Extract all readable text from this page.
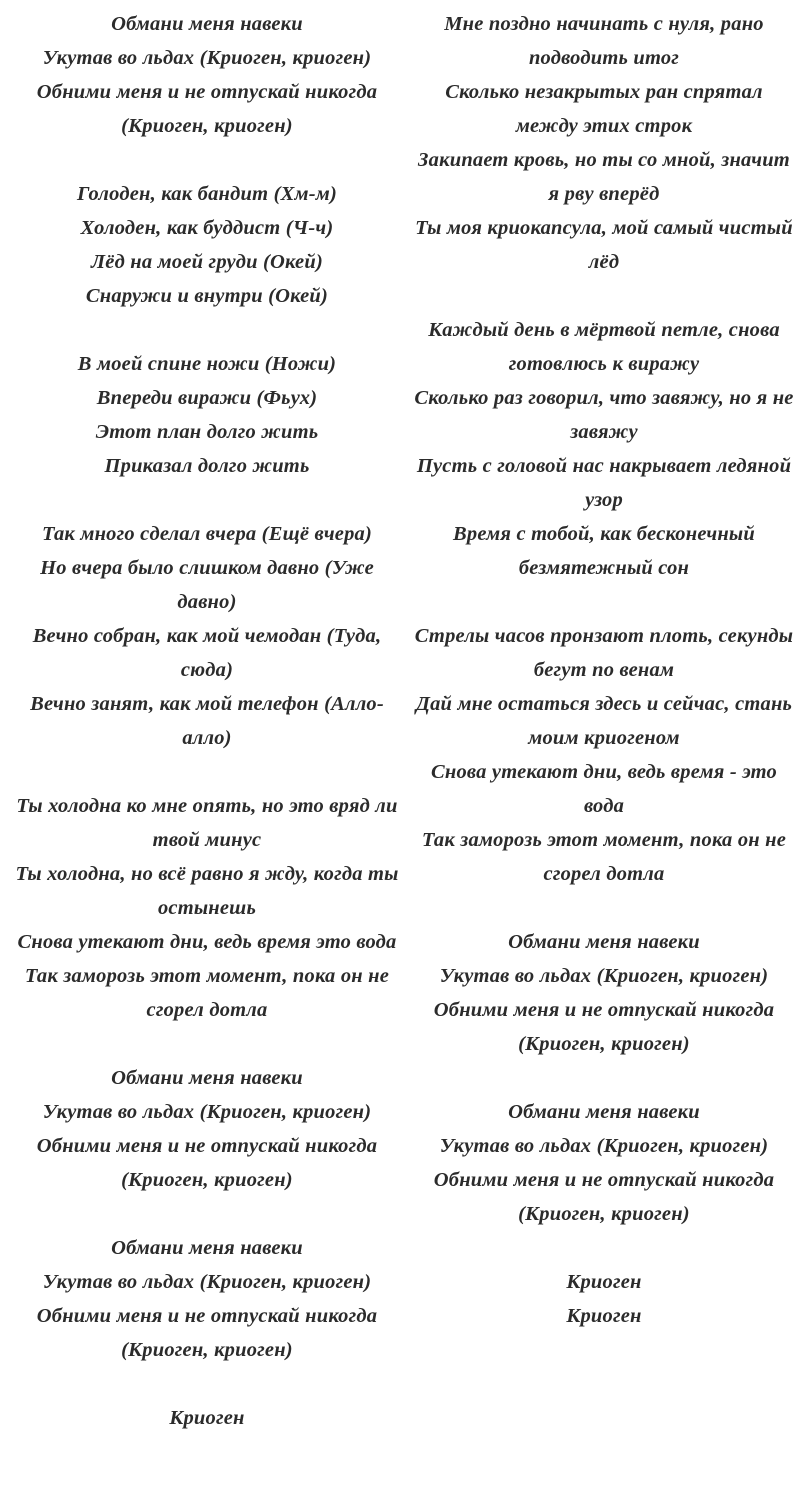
Обмани меня навеки
Укутав во льдах (Криоген, криоген)
Обними меня и не отпускай никогда
(Криоген, криоген)
Голоден, как бандит (Хм-м)
Холоден, как буддист (Ч-ч)
Лёд на моей груди (Окей)
Снаружи и внутри (Окей)
В моей спине ножи (Ножи)
Впереди виражи (Фьух)
Этот план долго жить
Приказал долго жить
Так много сделал вчера (Ещё вчера)
Но вчера было слишком давно (Уже давно)
Вечно собран, как мой чемодан (Туда, сюда)
Вечно занят, как мой телефон (Алло-алло)
Ты холодна ко мне опять, но это вряд ли твой минус
Ты холодна, но всё равно я жду, когда ты остынешь
Снова утекают дни, ведь время это вода
Так заморозь этот момент, пока он не сгорел дотла
Обмани меня навеки
Укутав во льдах (Криоген, криоген)
Обними меня и не отпускай никогда
(Криоген, криоген)
Обмани меня навеки
Укутав во льдах (Криоген, криоген)
Обними меня и не отпускай никогда
(Криоген, криоген)
Криоген
Мне поздно начинать с нуля, рано подводить итог
Сколько незакрытых ран спрятал между этих строк
Закипает кровь, но ты со мной, значит я рву вперёд
Ты моя криокапсула, мой самый чистый лёд
Каждый день в мёртвой петле, снова готовлюсь к виражу
Сколько раз говорил, что завяжу, но я не завяжу
Пусть с головой нас накрывает ледяной узор
Время с тобой, как бесконечный безмятежный сон
Стрелы часов пронзают плоть, секунды бегут по венам
Дай мне остаться здесь и сейчас, стань моим криогеном
Снова утекают дни, ведь время - это вода
Так заморозь этот момент, пока он не сгорел дотла
Обмани меня навеки
Укутав во льдах (Криоген, криоген)
Обними меня и не отпускай никогда
(Криоген, криоген)
Обмани меня навеки
Укутав во льдах (Криоген, криоген)
Обними меня и не отпускай никогда
(Криоген, криоген)
Криоген
Криоген
